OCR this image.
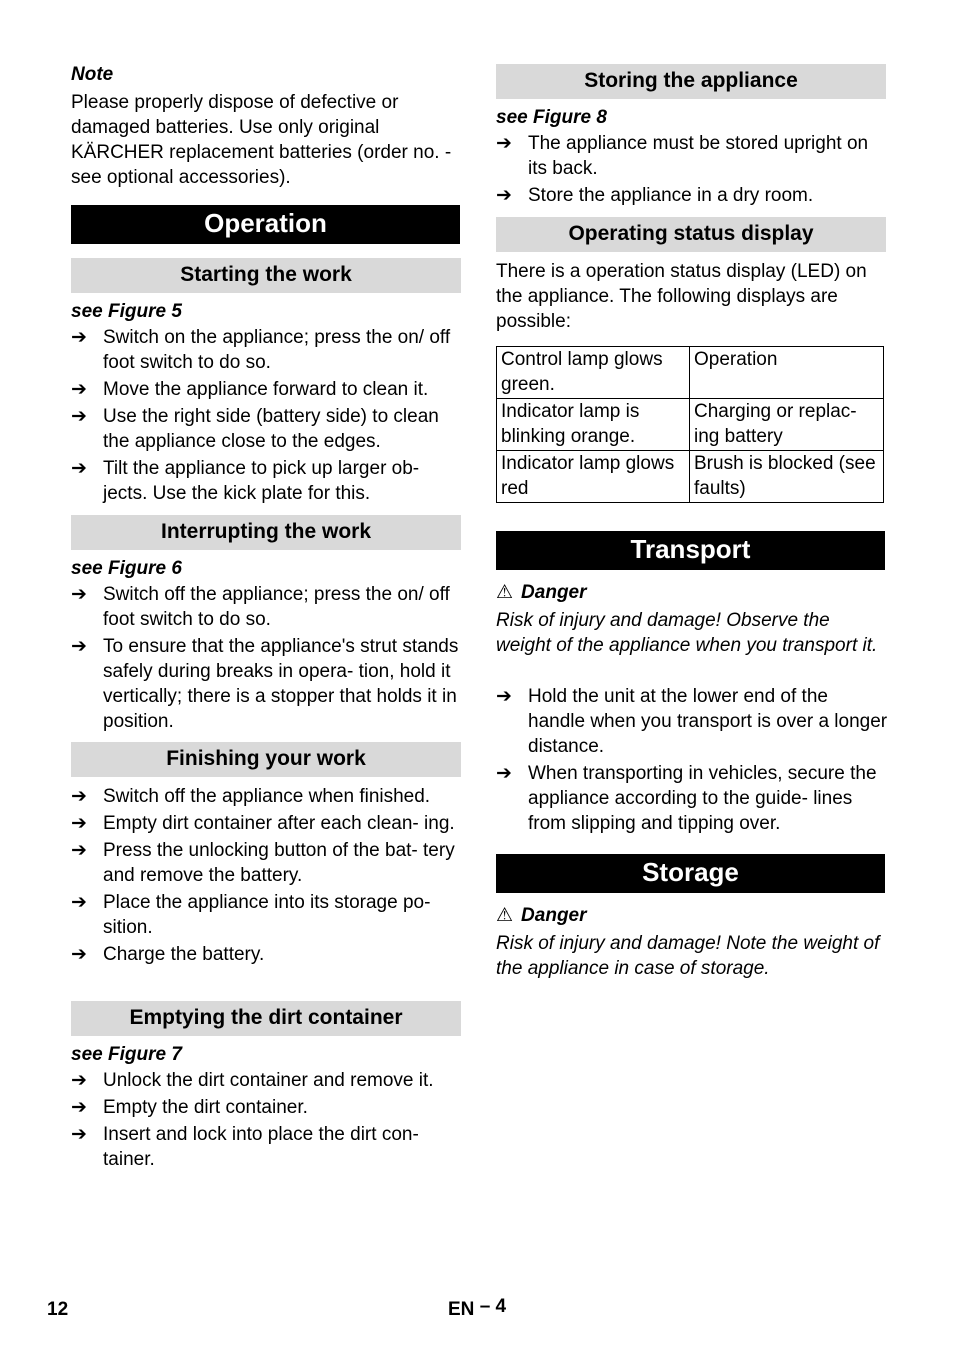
Note
Please properly dispose of defective or damaged batteries. Use only original KÄRCHER replacement batteries (order no. - see optional accessories).
Operation
Starting the work
see Figure 5
➔ Switch on the appliance; press the on/ off foot switch to do so.
➔ Move the appliance forward to clean it.
➔ Use the right side (battery side) to clean the appliance close to the edges.
➔ Tilt the appliance to pick up larger ob- jects. Use the kick plate for this.
Interrupting the work
see Figure 6
➔ Switch off the appliance; press the on/ off foot switch to do so.
➔ To ensure that the appliance's strut stands safely during breaks in opera- tion, hold it vertically; there is a stopper that holds it in position.
Finishing your work
➔ Switch off the appliance when finished.
➔ Empty dirt container after each clean- ing.
➔ Press the unlocking button of the bat- tery and remove the battery.
➔ Place the appliance into its storage po- sition.
➔ Charge the battery.
Emptying the dirt container
see Figure 7
➔ Unlock the dirt container and remove it.
➔ Empty the dirt container.
➔ Insert and lock into place the dirt con- tainer.
Storing the appliance
see Figure 8
➔ The appliance must be stored upright on its back.
➔ Store the appliance in a dry room.
Operating status display
There is a operation status display (LED) on the appliance. The following displays are possible:
Control lamp glows green.	Operation
Indicator lamp is blinking orange.	Charging or replac- ing battery
Indicator lamp glows red	Brush is blocked (see faults)
Transport
⚠ Danger
Risk of injury and damage! Observe the weight of the appliance when you transport it.
➔ Hold the unit at the lower end of the handle when you transport is over a longer distance.
➔ When transporting in vehicles, secure the appliance according to the guide- lines from slipping and tipping over.
Storage
⚠ Danger
Risk of injury and damage! Note the weight of the appliance in case of storage.
12	EN – 4
